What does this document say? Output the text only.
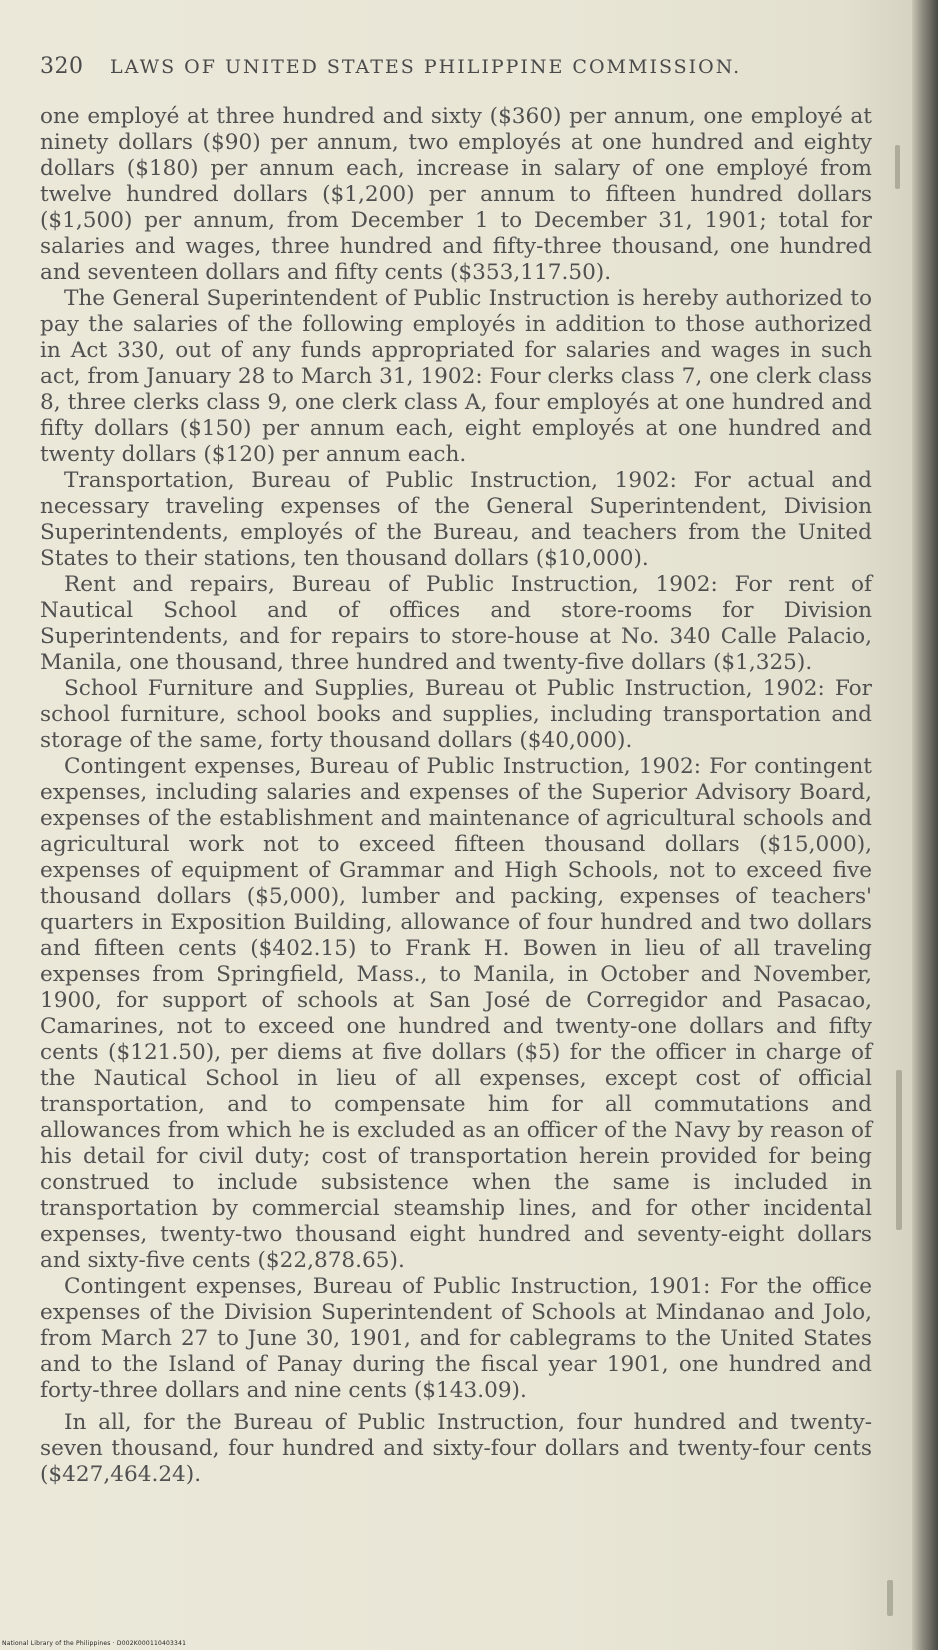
320 LAWS OF UNITED STATES PHILIPPINE COMMISSION.

one employé at three hundred and sixty ($360) per annum, one employé at ninety dollars ($90) per annum, two employés at one hundred and eighty dollars ($180) per annum each, increase in salary of one employé from twelve hundred dollars ($1,200) per annum to fifteen hundred dollars ($1,500) per annum, from December 1 to December 31, 1901; total for salaries and wages, three hundred and fifty-three thousand, one hundred and seventeen dollars and fifty cents ($353,117.50).

The General Superintendent of Public Instruction is hereby authorized to pay the salaries of the following employés in addition to those authorized in Act 330, out of any funds appropriated for salaries and wages in such act, from January 28 to March 31, 1902: Four clerks class 7, one clerk class 8, three clerks class 9, one clerk class A, four employés at one hundred and fifty dollars ($150) per annum each, eight employés at one hundred and twenty dollars ($120) per annum each.

Transportation, Bureau of Public Instruction, 1902: For actual and necessary traveling expenses of the General Superintendent, Division Superintendents, employés of the Bureau, and teachers from the United States to their stations, ten thousand dollars ($10,000).

Rent and repairs, Bureau of Public Instruction, 1902: For rent of Nautical School and of offices and store-rooms for Division Superintendents, and for repairs to store-house at No. 340 Calle Palacio, Manila, one thousand, three hundred and twenty-five dollars ($1,325).

School Furniture and Supplies, Bureau ot Public Instruction, 1902: For school furniture, school books and supplies, including transportation and storage of the same, forty thousand dollars ($40,000).

Contingent expenses, Bureau of Public Instruction, 1902: For contingent expenses, including salaries and expenses of the Superior Advisory Board, expenses of the establishment and maintenance of agricultural schools and agricultural work not to exceed fifteen thousand dollars ($15,000), expenses of equipment of Grammar and High Schools, not to exceed five thousand dollars ($5,000), lumber and packing, expenses of teachers' quarters in Exposition Building, allowance of four hundred and two dollars and fifteen cents ($402.15) to Frank H. Bowen in lieu of all traveling expenses from Springfield, Mass., to Manila, in October and November, 1900, for support of schools at San José de Corregidor and Pasacao, Camarines, not to exceed one hundred and twenty-one dollars and fifty cents ($121.50), per diems at five dollars ($5) for the officer in charge of the Nautical School in lieu of all expenses, except cost of official transportation, and to compensate him for all commutations and allowances from which he is excluded as an officer of the Navy by reason of his detail for civil duty; cost of transportation herein provided for being construed to include subsistence when the same is included in transportation by commercial steamship lines, and for other incidental expenses, twenty-two thousand eight hundred and seventy-eight dollars and sixty-five cents ($22,878.65).

Contingent expenses, Bureau of Public Instruction, 1901: For the office expenses of the Division Superintendent of Schools at Mindanao and Jolo, from March 27 to June 30, 1901, and for cablegrams to the United States and to the Island of Panay during the fiscal year 1901, one hundred and forty-three dollars and nine cents ($143.09).

In all, for the Bureau of Public Instruction, four hundred and twenty-seven thousand, four hundred and sixty-four dollars and twenty-four cents ($427,464.24).

National Library of the Philippines · D002K000110403341
